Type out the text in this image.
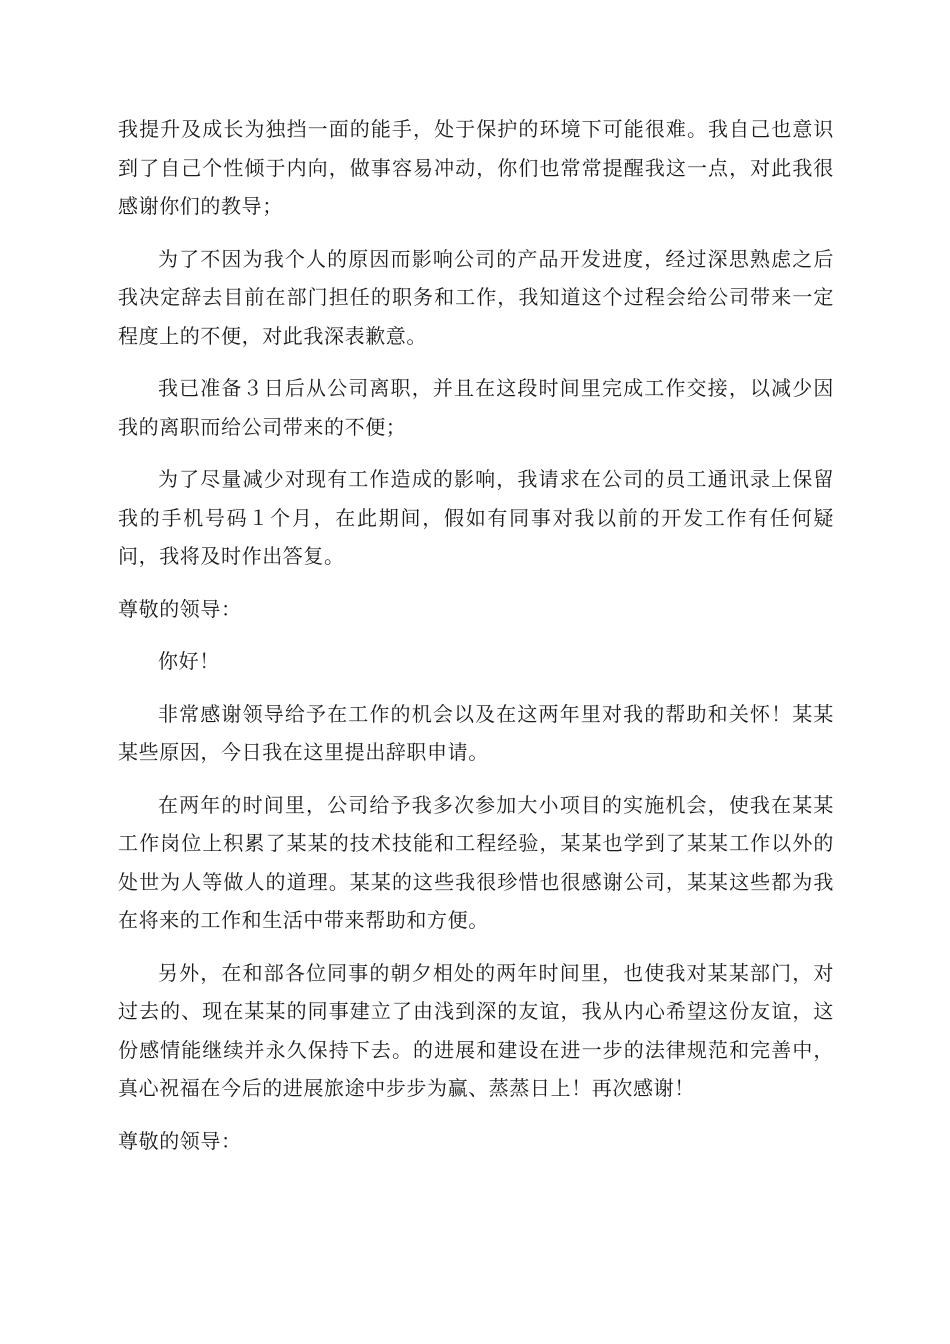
我提升及成长为独挡一面的能手，处于保护的环境下可能很难。我自己也意识到了自己个性倾于内向，做事容易冲动，你们也常常提醒我这一点，对此我很感谢你们的教导；

为了不因为我个人的原因而影响公司的产品开发进度，经过深思熟虑之后我决定辞去目前在部门担任的职务和工作，我知道这个过程会给公司带来一定程度上的不便，对此我深表歉意。

我已准备３日后从公司离职，并且在这段时间里完成工作交接，以减少因我的离职而给公司带来的不便；

为了尽量减少对现有工作造成的影响，我请求在公司的员工通讯录上保留我的手机号码１个月，在此期间，假如有同事对我以前的开发工作有任何疑问，我将及时作出答复。

尊敬的领导：

你好！

非常感谢领导给予在工作的机会以及在这两年里对我的帮助和关怀！某某某些原因，今日我在这里提出辞职申请。

在两年的时间里，公司给予我多次参加大小项目的实施机会，使我在某某工作岗位上积累了某某的技术技能和工程经验，某某也学到了某某工作以外的处世为人等做人的道理。某某的这些我很珍惜也很感谢公司，某某这些都为我在将来的工作和生活中带来帮助和方便。

另外，在和部各位同事的朝夕相处的两年时间里，也使我对某某部门，对过去的、现在某某的同事建立了由浅到深的友谊，我从内心希望这份友谊，这份感情能继续并永久保持下去。的进展和建设在进一步的法律规范和完善中，真心祝福在今后的进展旅途中步步为赢、蒸蒸日上！再次感谢！

尊敬的领导：
